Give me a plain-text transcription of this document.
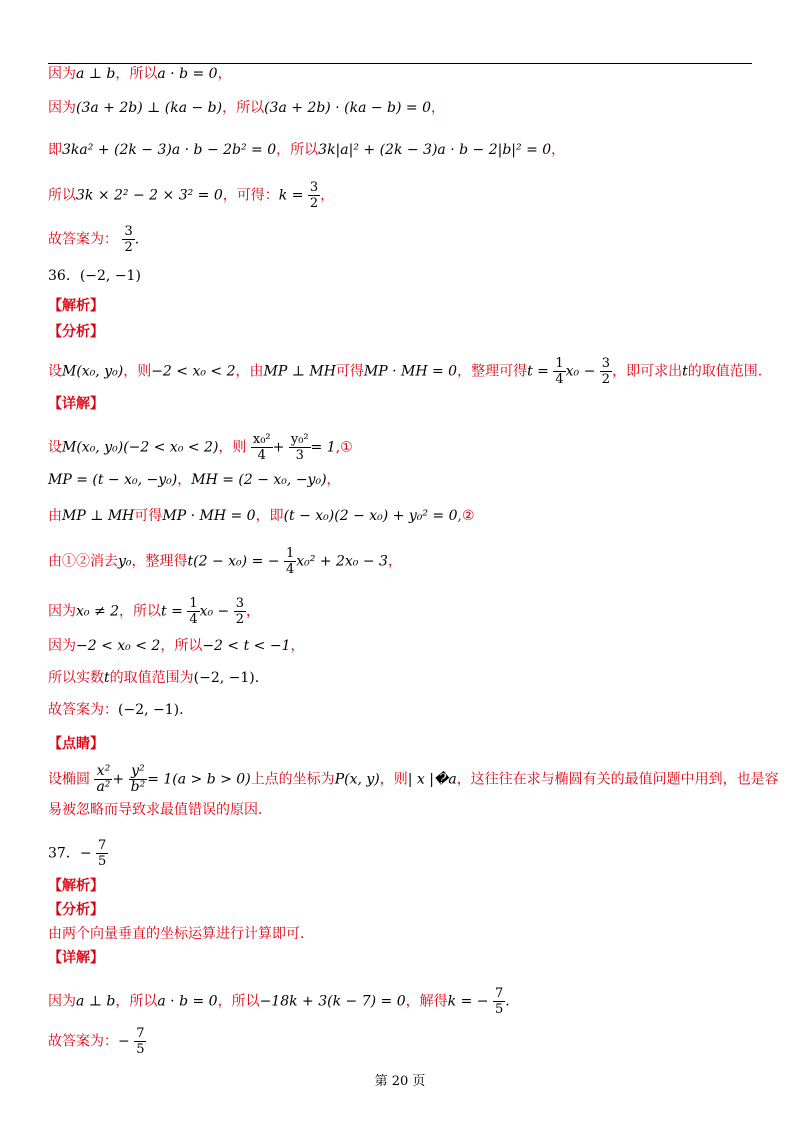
因为a ⊥ b，所以a · b = 0，
因为(3a + 2b) ⊥ (ka − b)，所以(3a + 2b) · (ka − b) = 0，
即3ka² + (2k − 3)a · b − 2b² = 0，所以3k|a|² + (2k − 3)a · b − 2|b|² = 0，
所以3k × 2² − 2 × 3² = 0，可得：$k = \frac{3}{2}$ ，
故答案为： $\frac{3}{2}$ .
36．(−2, −1)
【解析】
【分析】
设M(x₀, y₀)，则−2 < x₀ < 2，由MP ⊥ MH可得MP · MH = 0，整理可得$t = \frac{1}{4} x_0 - \frac{3}{2}$ ，即可求出t的取值范围.
【详解】
设M(x₀, y₀)(−2 < x₀ < 2)，则 $\frac{\text{x₀²}}{4} + \frac{\text{y₀²}}{3}$ = 1,①
MP = (t − x₀, −y₀)，MH = (2 − x₀, −y₀)，
由MP ⊥ MH可得MP · MH = 0，即(t − x₀)(2 − x₀) + y₀² = 0,②
由①②消去y₀，整理得t(2 − x₀) = − $\frac{1}{4} x_0^2 + 2x_0 - 3$，
因为x₀ ≠ 2，所以$t = \frac{1}{4} x_0 - \frac{3}{2}$ ，
因为−2 < x₀ < 2，所以−2 < t < −1，
所以实数t的取值范围为(−2, −1).
故答案为：(−2, −1).
【点睛】
设椭圆 $\frac{\text{x²}}{\text{a²}} + \frac{\text{y²}}{\text{b²}} = 1(a > b > 0)$上点的坐标为P(x, y)，则| x |�a，这往往在求与椭圆有关的最值问题中用到，也是容
易被忽略而导致求最值错误的原因.
37．− $\frac{7}{5}$
【解析】
【分析】
由两个向量垂直的坐标运算进行计算即可.
【详解】
因为a ⊥ b，所以a · b = 0，所以−18k + 3(k − 7) = 0，解得k = − $\frac{7}{5}$ .
故答案为：− $\frac{7}{5}$
第 20 页
